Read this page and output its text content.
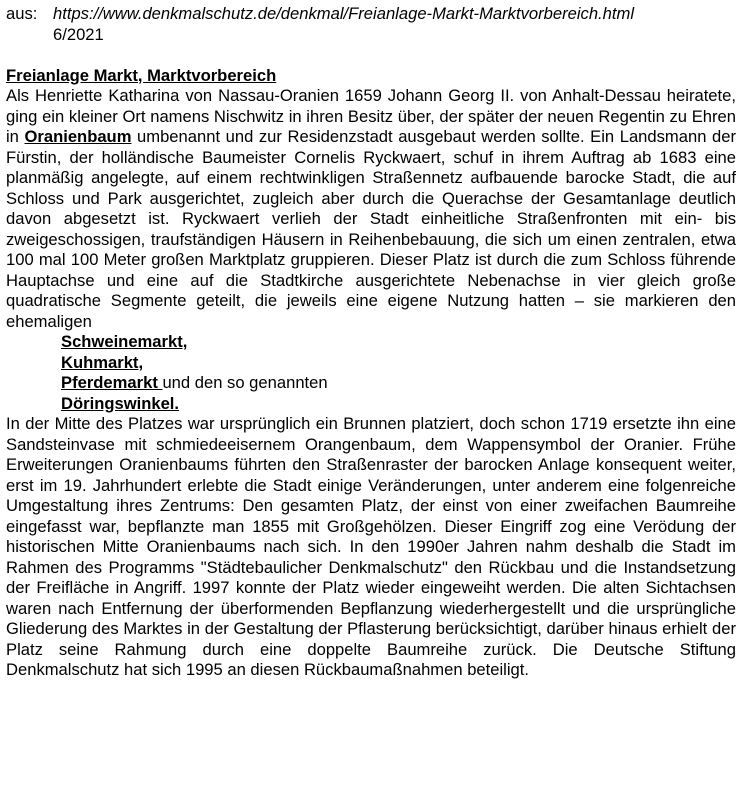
aus: https://www.denkmalschutz.de/denkmal/Freianlage-Markt-Marktvorbereich.html
6/2021
Freianlage Markt, Marktvorbereich
Als Henriette Katharina von Nassau-Oranien 1659 Johann Georg II. von Anhalt-Dessau heiratete, ging ein kleiner Ort namens Nischwitz in ihren Besitz über, der später der neuen Regentin zu Ehren in Oranienbaum umbenannt und zur Residenzstadt ausgebaut werden sollte. Ein Landsmann der Fürstin, der holländische Baumeister Cornelis Ryckwaert, schuf in ihrem Auftrag ab 1683 eine planmäßig angelegte, auf einem rechtwinkligen Straßennetz aufbauende barocke Stadt, die auf Schloss und Park ausgerichtet, zugleich aber durch die Querachse der Gesamtanlage deutlich davon abgesetzt ist. Ryckwaert verlieh der Stadt einheitliche Straßenfronten mit ein- bis zweigeschossigen, traufständigen Häusern in Reihenbebauung, die sich um einen zentralen, etwa 100 mal 100 Meter großen Marktplatz gruppieren. Dieser Platz ist durch die zum Schloss führende Hauptachse und eine auf die Stadtkirche ausgerichtete Nebenachse in vier gleich große quadratische Segmente geteilt, die jeweils eine eigene Nutzung hatten – sie markieren den ehemaligen
Schweinemarkt,
Kuhmarkt,
Pferdemarkt und den so genannten
Döringswinkel.
In der Mitte des Platzes war ursprünglich ein Brunnen platziert, doch schon 1719 ersetzte ihn eine Sandsteinvase mit schmiedeeisernem Orangenbaum, dem Wappensymbol der Oranier. Frühe Erweiterungen Oranienbaums führten den Straßenraster der barocken Anlage konsequent weiter, erst im 19. Jahrhundert erlebte die Stadt einige Veränderungen, unter anderem eine folgenreiche Umgestaltung ihres Zentrums: Den gesamten Platz, der einst von einer zweifachen Baumreihe eingefasst war, bepflanzte man 1855 mit Großgehölzen. Dieser Eingriff zog eine Verödung der historischen Mitte Oranienbaums nach sich. In den 1990er Jahren nahm deshalb die Stadt im Rahmen des Programms "Städtebaulicher Denkmalschutz" den Rückbau und die Instandsetzung der Freifläche in Angriff. 1997 konnte der Platz wieder eingeweiht werden. Die alten Sichtachsen waren nach Entfernung der überformenden Bepflanzung wiederhergestellt und die ursprüngliche Gliederung des Marktes in der Gestaltung der Pflasterung berücksichtigt, darüber hinaus erhielt der Platz seine Rahmung durch eine doppelte Baumreihe zurück. Die Deutsche Stiftung Denkmalschutz hat sich 1995 an diesen Rückbaumaßnahmen beteiligt.
